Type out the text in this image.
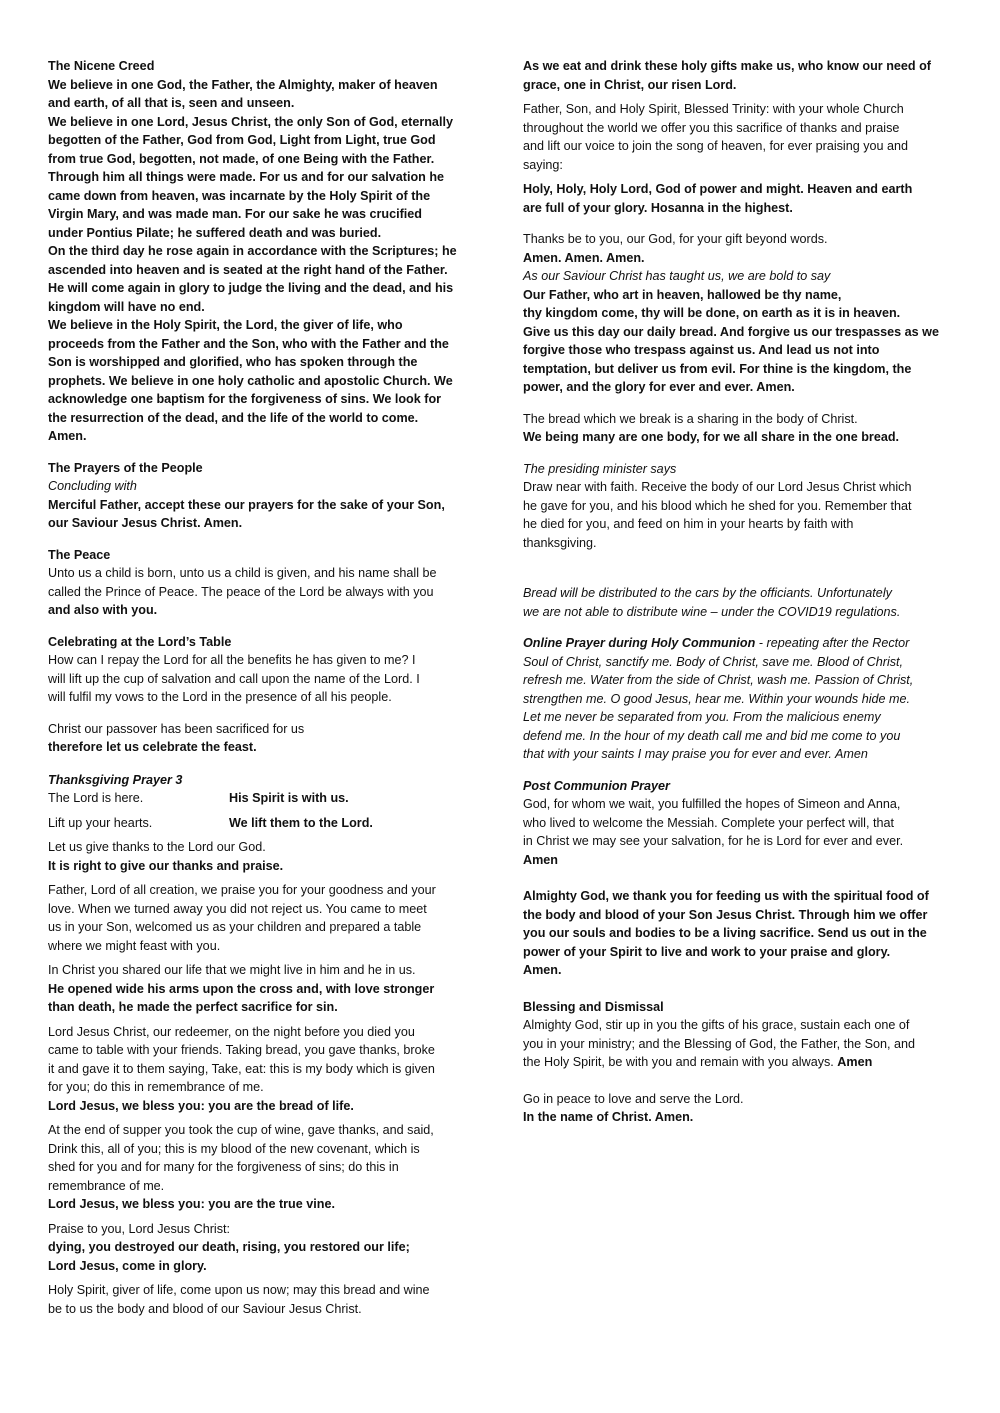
The Nicene Creed
We believe in one God, the Father, the Almighty, maker of heaven
and earth, of all that is, seen and unseen.
We believe in one Lord, Jesus Christ, the only Son of God, eternally
begotten of the Father, God from God, Light from Light, true God
from true God, begotten, not made, of one Being with the Father.
Through him all things were made. For us and for our salvation he
came down from heaven, was incarnate by the Holy Spirit of the
Virgin Mary, and was made man. For our sake he was crucified
under Pontius Pilate; he suffered death and was buried.
On the third day he rose again in accordance with the Scriptures; he
ascended into heaven and is seated at the right hand of the Father.
He will come again in glory to judge the living and the dead, and his
kingdom will have no end.
We believe in the Holy Spirit, the Lord, the giver of life, who
proceeds from the Father and the Son, who with the Father and the
Son is worshipped and glorified, who has spoken through the
prophets. We believe in one holy catholic and apostolic Church. We
acknowledge one baptism for the forgiveness of sins. We look for
the resurrection of the dead, and the life of the world to come.
Amen.
The Prayers of the People
Concluding with
Merciful Father, accept these our prayers for the sake of your Son,
our Saviour Jesus Christ. Amen.
The Peace
Unto us a child is born, unto us a child is given, and his name shall be
called the Prince of Peace. The peace of the Lord be always with you
and also with you.
Celebrating at the Lord’s Table
How can I repay the Lord for all the benefits he has given to me? I
will lift up the cup of salvation and call upon the name of the Lord. I
will fulfil my vows to the Lord in the presence of all his people.
Christ our passover has been sacrificed for us
therefore let us celebrate the feast.
Thanksgiving Prayer 3
The Lord is here.	His Spirit is with us.
Lift up your hearts.	We lift them to the Lord.
Let us give thanks to the Lord our God.
It is right to give our thanks and praise.
Father, Lord of all creation, we praise you for your goodness and your
love. When we turned away you did not reject us. You came to meet
us in your Son, welcomed us as your children and prepared a table
where we might feast with you.
In Christ you shared our life that we might live in him and he in us.
He opened wide his arms upon the cross and, with love stronger
than death, he made the perfect sacrifice for sin.
Lord Jesus Christ, our redeemer, on the night before you died you
came to table with your friends. Taking bread, you gave thanks, broke
it and gave it to them saying, Take, eat: this is my body which is given
for you; do this in remembrance of me.
Lord Jesus, we bless you: you are the bread of life.
At the end of supper you took the cup of wine, gave thanks, and said,
Drink this, all of you; this is my blood of the new covenant, which is
shed for you and for many for the forgiveness of sins; do this in
remembrance of me.
Lord Jesus, we bless you: you are the true vine.
Praise to you, Lord Jesus Christ:
dying, you destroyed our death, rising, you restored our life;
Lord Jesus, come in glory.
Holy Spirit, giver of life, come upon us now; may this bread and wine
be to us the body and blood of our Saviour Jesus Christ.
As we eat and drink these holy gifts make us, who know our need of
grace, one in Christ, our risen Lord.
Father, Son, and Holy Spirit, Blessed Trinity: with your whole Church
throughout the world we offer you this sacrifice of thanks and praise
and lift our voice to join the song of heaven, for ever praising you and
saying:
Holy, Holy, Holy Lord, God of power and might. Heaven and earth
are full of your glory. Hosanna in the highest.
Thanks be to you, our God, for your gift beyond words.
Amen. Amen. Amen.
As our Saviour Christ has taught us, we are bold to say
Our Father, who art in heaven, hallowed be thy name,
thy kingdom come, thy will be done, on earth as it is in heaven.
Give us this day our daily bread. And forgive us our trespasses as we
forgive those who trespass against us. And lead us not into
temptation, but deliver us from evil. For thine is the kingdom, the
power, and the glory for ever and ever. Amen.
The bread which we break is a sharing in the body of Christ.
We being many are one body, for we all share in the one bread.
The presiding minister says
Draw near with faith. Receive the body of our Lord Jesus Christ which
he gave for you, and his blood which he shed for you. Remember that
he died for you, and feed on him in your hearts by faith with
thanksgiving.
Bread will be distributed to the cars by the officiants. Unfortunately
we are not able to distribute wine – under the COVID19 regulations.
Online Prayer during Holy Communion - repeating after the Rector
Soul of Christ, sanctify me. Body of Christ, save me. Blood of Christ,
refresh me. Water from the side of Christ, wash me. Passion of Christ,
strengthen me. O good Jesus, hear me. Within your wounds hide me.
Let me never be separated from you. From the malicious enemy
defend me. In the hour of my death call me and bid me come to you
that with your saints I may praise you for ever and ever. Amen
Post Communion Prayer
God, for whom we wait, you fulfilled the hopes of Simeon and Anna,
who lived to welcome the Messiah. Complete your perfect will, that
in Christ we may see your salvation, for he is Lord for ever and ever.
Amen
Almighty God, we thank you for feeding us with the spiritual food of
the body and blood of your Son Jesus Christ. Through him we offer
you our souls and bodies to be a living sacrifice. Send us out in the
power of your Spirit to live and work to your praise and glory.
Amen.
Blessing and Dismissal
Almighty God, stir up in you the gifts of his grace, sustain each one of
you in your ministry; and the Blessing of God, the Father, the Son, and
the Holy Spirit, be with you and remain with you always. Amen
Go in peace to love and serve the Lord.
In the name of Christ. Amen.
